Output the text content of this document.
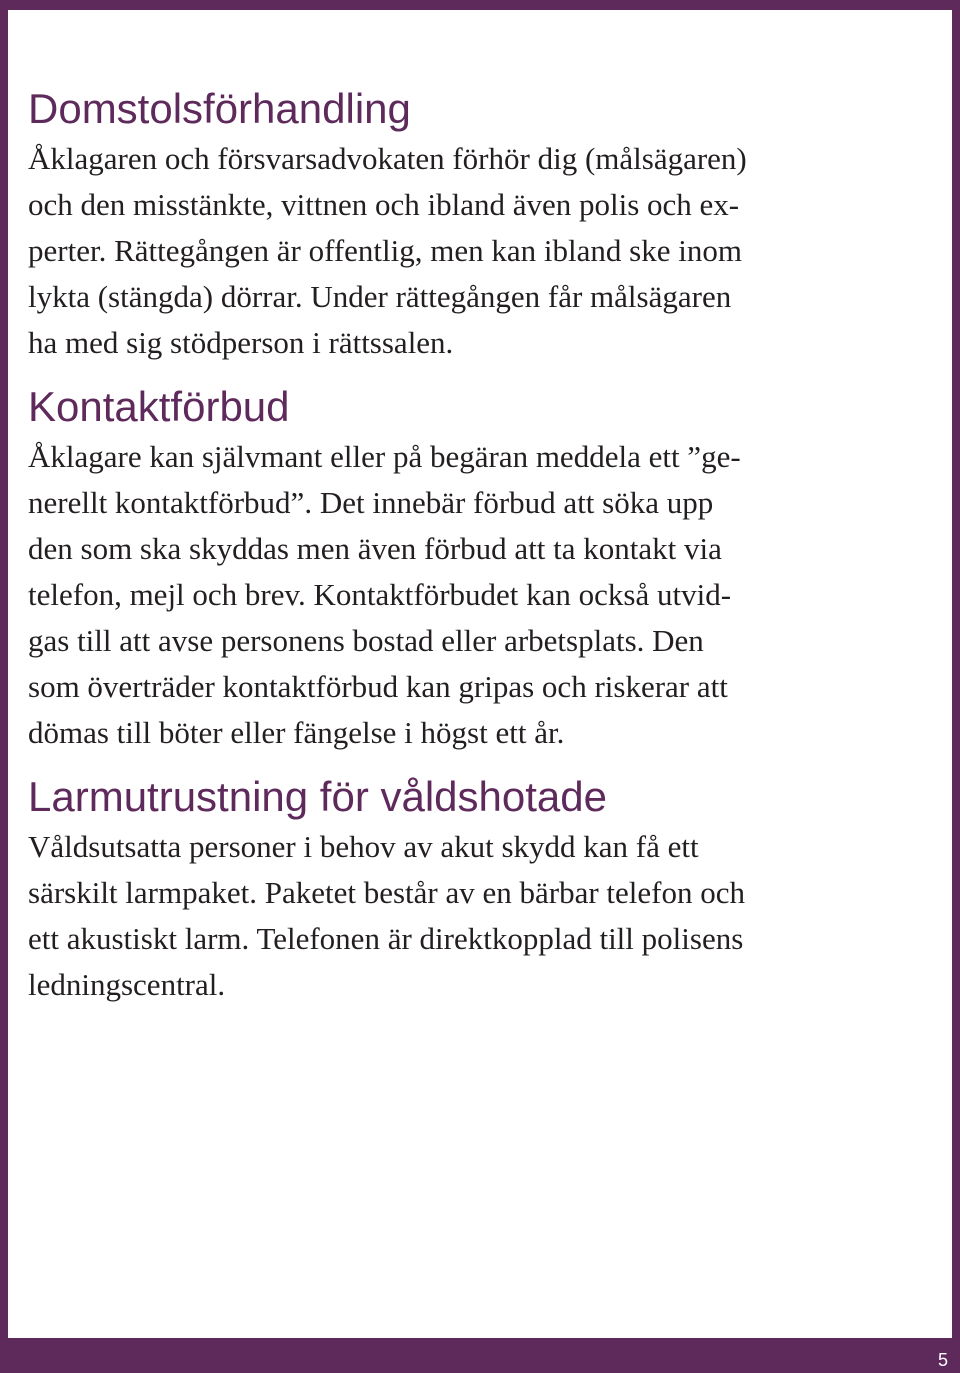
5
Domstolsförhandling

Åklagaren och försvarsadvokaten förhör dig (målsägaren)
och den misstänkte, vittnen och ibland även polis och ex-
perter. Rättegången är offentlig, men kan ibland ske inom
lykta (stängda) dörrar. Under rättegången får målsägaren
ha med sig stödperson i rättssalen.

Kontaktförbud

Åklagare kan självmant eller på begäran meddela ett ”ge-
nerellt kontaktförbud”. Det innebär förbud att söka upp
den som ska skyddas men även förbud att ta kontakt via
telefon, mejl och brev. Kontaktförbudet kan också utvid-
gas till att avse personens bostad eller arbetsplats. Den
som överträder kontaktförbud kan gripas och riskerar att
dömas till böter eller fängelse i högst ett år.

Larmutrustning för våldshotade

Våldsutsatta personer i behov av akut skydd kan få ett
särskilt larmpaket. Paketet består av en bärbar telefon och
ett akustiskt larm. Telefonen är direktkopplad till polisens
ledningscentral.
